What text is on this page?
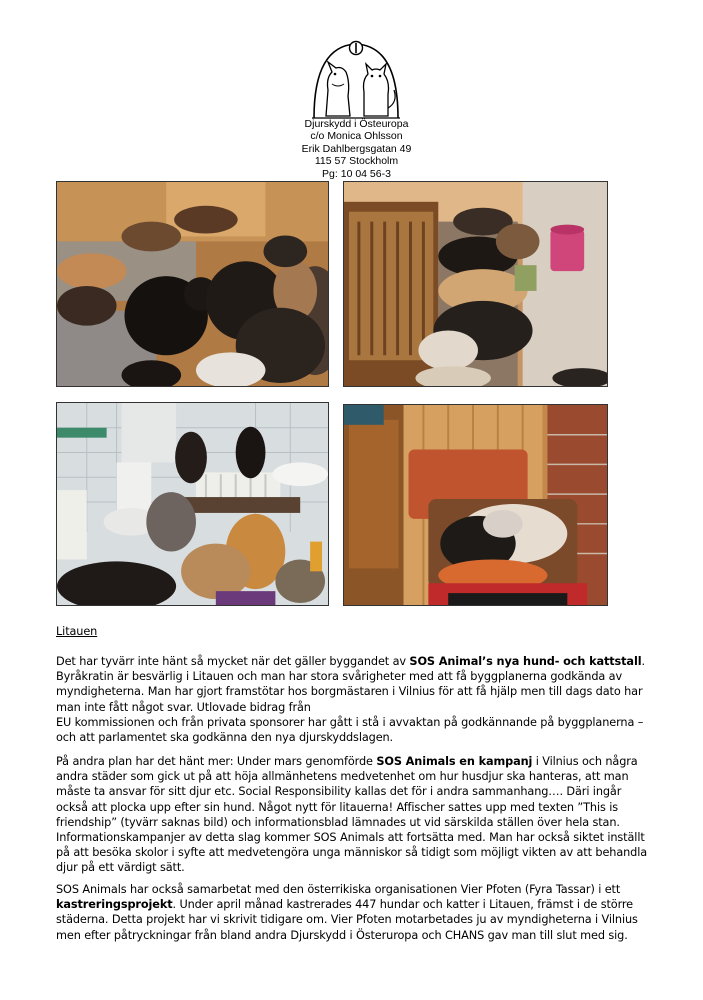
Djurskydd i Östeuropa
c/o Monica Ohlsson
Erik Dahlbergsgatan 49
115 57 Stockholm
Pg: 10 04 56-3
Litauen
Det har tyvärr inte hänt så mycket när det gäller byggandet av SOS Animal’s nya hund- och kattstall. Byråkratin är besvärlig i Litauen och man har stora svårigheter med att få byggplanerna godkända av myndigheterna. Man har gjort framstötar hos borgmästaren i Vilnius för att få hjälp men till dags dato har man inte fått något svar. Utlovade bidrag från
EU kommissionen och från privata sponsorer har gått i stå i avvaktan på godkännande på byggplanerna – och att parlamentet ska godkänna den nya djurskyddslagen.
På andra plan har det hänt mer: Under mars genomförde SOS Animals en kampanj i Vilnius och några andra städer som gick ut på att höja allmänhetens medvetenhet om hur husdjur ska hanteras, att man måste ta ansvar för sitt djur etc. Social Responsibility kallas det för i andra sammanhang…. Däri ingår också att plocka upp efter sin hund. Något nytt för litauerna! Affischer sattes upp med texten ”This is friendship” (tyvärr saknas bild) och informationsblad lämnades ut vid särskilda ställen över hela stan. Informationskampanjer av detta slag kommer SOS Animals att fortsätta med. Man har också siktet inställt på att besöka skolor i syfte att medvetengöra unga människor så tidigt som möjligt vikten av att behandla djur på ett värdigt sätt.
SOS Animals har också samarbetat med den österrikiska organisationen Vier Pfoten (Fyra Tassar) i ett kastreringsprojekt. Under april månad kastrerades 447 hundar och katter i Litauen, främst i de större städerna. Detta projekt har vi skrivit tidigare om. Vier Pfoten motarbetades ju av myndigheterna i Vilnius men efter påtryckningar från bland andra Djurskydd i Österuropa och CHANS gav man till slut med sig.
